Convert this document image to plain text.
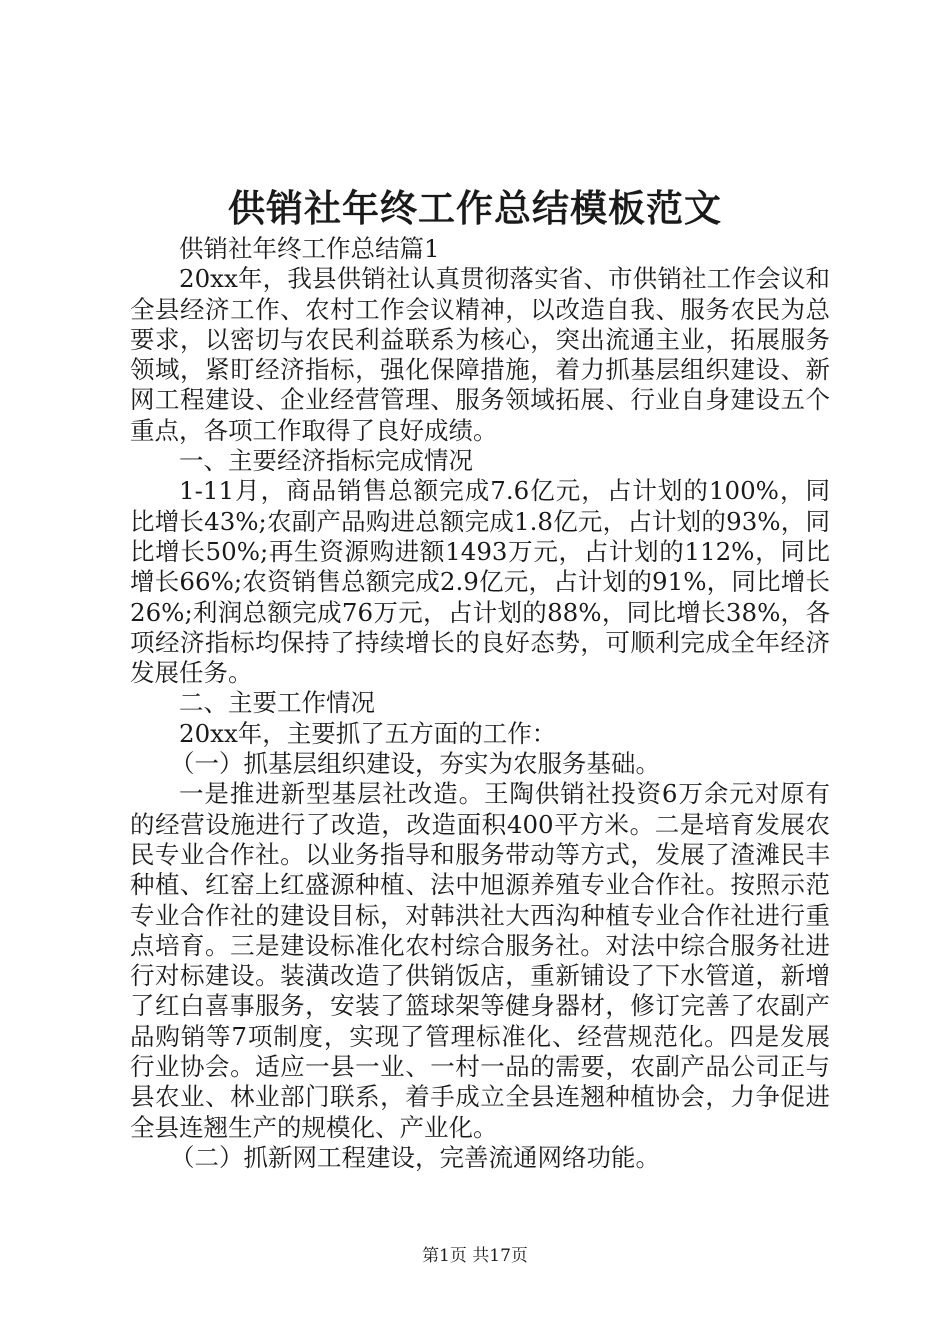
供销社年终工作总结模板范文

供销社年终工作总结篇1

20xx年，我县供销社认真贯彻落实省、市供销社工作会议和全县经济工作、农村工作会议精神，以改造自我、服务农民为总要求，以密切与农民利益联系为核心，突出流通主业，拓展服务领域，紧盯经济指标，强化保障措施，着力抓基层组织建设、新网工程建设、企业经营管理、服务领域拓展、行业自身建设五个重点，各项工作取得了良好成绩。

一、主要经济指标完成情况

1-11月，商品销售总额完成7.6亿元，占计划的100%，同比增长43%;农副产品购进总额完成1.8亿元，占计划的93%，同比增长50%;再生资源购进额1493万元，占计划的112%，同比增长66%;农资销售总额完成2.9亿元，占计划的91%，同比增长26%;利润总额完成76万元，占计划的88%，同比增长38%，各项经济指标均保持了持续增长的良好态势，可顺利完成全年经济发展任务。

二、主要工作情况

20xx年，主要抓了五方面的工作：

（一）抓基层组织建设，夯实为农服务基础。

一是推进新型基层社改造。王陶供销社投资6万余元对原有的经营设施进行了改造，改造面积400平方米。二是培育发展农民专业合作社。以业务指导和服务带动等方式，发展了渣滩民丰种植、红窑上红盛源种植、法中旭源养殖专业合作社。按照示范专业合作社的建设目标，对韩洪社大西沟种植专业合作社进行重点培育。三是建设标准化农村综合服务社。对法中综合服务社进行对标建设。装潢改造了供销饭店，重新铺设了下水管道，新增了红白喜事服务，安装了篮球架等健身器材，修订完善了农副产品购销等7项制度，实现了管理标准化、经营规范化。四是发展行业协会。适应一县一业、一村一品的需要，农副产品公司正与县农业、林业部门联系，着手成立全县连翘种植协会，力争促进全县连翘生产的规模化、产业化。

（二）抓新网工程建设，完善流通网络功能。

第1页 共17页
